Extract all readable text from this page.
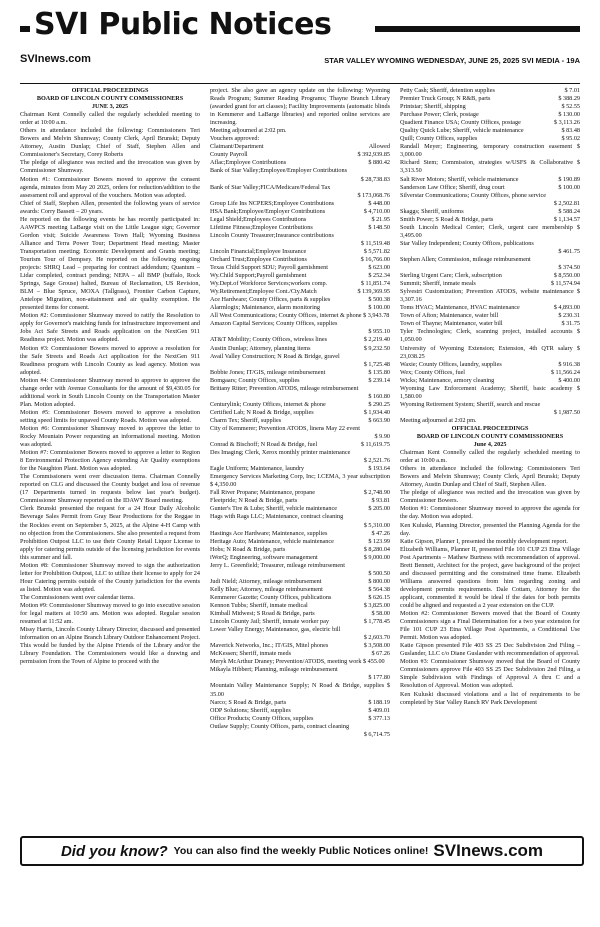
SVI Public Notices
SVInews.com	STAR VALLEY WYOMING WEDNESDAY, JUNE 25, 2025 SVI MEDIA - 19A

OFFICIAL PROCEEDINGS

BOARD OF LINCOLN COUNTY COMMISSIONERS

JUNE 3, 2025

Chairman Kent Connelly called the regularly scheduled meeting to order at 10:00 a.m.

Others in attendance included the following: Commissioners Teri Bowers and Melvin Shumway; County Clerk, April Brunski; Deputy Attorney, Austin Dunlap; Chief of Staff, Stephen Allen and Commissioner's Secretary, Corey Roberts

The pledge of allegiance was recited and the invocation was given by Commissioner Shumway.

Motion #1: Commissioner Bowers moved to approve the consent agenda, minutes from May 20 2025, orders for reduction/addition to the assessment roll and approval of the vouchers. Motion was adopted.

Chief of Staff, Stephen Allen, presented the following years of service awards: Corry Bassett – 20 years.

He reported on the following events he has recently participated in: AAWPCS meeting LaBarge visit on the Little League sign; Governor Gordon visit; Suicide Awareness Town Hall; Wyoming Business Alliance and Terra Power Tour; Department Head meeting; Master Transportation meeting; Economic Development and Grants meeting; Tourism Tour of Dempsey. He reported on the following ongoing projects: SHRQ Lead – preparing for contract addendum; Quantum – Lidar completed, contract pending; NEPA – all BMP (buffalo, Rock Springs, Sage Grouse) halted, Bureau of Reclamation, US Revision, BLM – Blue Spruce, MOXA (Tallgrass), Frontier Carbon Capture, Antelope Migration, non-attainment and air quality exemption. He presented items for consent.

Motion #2: Commissioner Shumway moved to ratify the Resolution to apply for Governor's matching funds for infrastructure improvement and Jobs Act Safe Streets and Roads application on the NextGen 911 Readiness project. Motion was adopted.

Motion #3: Commissioner Bowers moved to approve a resolution for the Safe Streets and Roads Act application for the NextGen 911 Readiness program with Lincoln County as lead agency. Motion was adopted.

Motion #4: Commissioner Shumway moved to approve to approve the change order with Avenue Consultants for the amount of $9,430.05 for additional work in South Lincoln County on the Transportation Master Plan. Motion adopted.

Motion #5: Commissioner Bowers moved to approve a resolution setting speed limits for unpaved County Roads. Motion was adopted.

Motion #6: Commissioner Shumway moved to approve the letter to Rocky Mountain Power requesting an informational meeting. Motion was adopted.

Motion #7: Commissioner Bowers moved to approve a letter to Region 8 Environmental Protection Agency extending Air Quality exemptions for the Naughton Plant. Motion was adopted.

The Commissioners went over discussion items. Chairman Connelly reported on CLG and discussed the County budget and loss of revenue (17 Departments turned in requests below last year's budget). Commissioner Shumway reported on the IDAWY Board meeting.

Clerk Brunski presented the request for a 24 Hour Daily Alcoholic Beverage Sales Permit from Gray Bear Productions for the Reggae in the Rockies event on September 5, 2025, at the Alpine 4-H Camp with no objection from the Commissioners. She also presented a request from Prohibition Outpost LLC to use their County Retail Liquor License to apply for catering permits outside of the licensing jurisdiction for events this summer and fall.

Motion #8: Commissioner Shumway moved to sign the authorization letter for Prohibition Outpost, LLC to utilize their license to apply for 24 Hour Catering permits outside of the County jurisdiction for the events as listed. Motion was adopted.

The Commissioners went over calendar items.

Motion #9: Commissioner Shumway moved to go into executive session for legal matters at 10:50 am. Motion was adopted. Regular session resumed at 11:52 am.

Missy Harris, Lincoln County Library Director, discussed and presented information on an Alpine Branch Library Outdoor Enhancement Project. This would be funded by the Alpine Friends of the Library and/or the Library Foundation. The Commissioners would like a drawing and permission from the Town of Alpine to proceed with the

project. She also gave an agency update on the following: Wyoming Reads Program; Summer Reading Programs; Thayne Branch Library (awarded grant for art classes); Facility Improvements (automatic blinds in Kemmerer and LaBarge libraries) and reported online services are increasing.

Meeting adjourned at 2:02 pm.

Vouchers approved:

Claimant/Department	Allowed
County Payroll	$ 392,939.85
Aflac;Employee Contributions	$ 880.42
Bank of Star Valley;Employee/Employer Contributions
$ 28,738.83
Bank of Star Valley;FICA/Medicare/Federal Tax
$ 173,068.76
Group Life Ins NCPERS;Employee Contributions	$ 448.00
HSA Bank;Employee/Employer Contributions	$ 4,710.00
Legal Shield;Employees Contributions	$ 21.95
Lifetime Fitness;Employee Contributions	$ 148.50
Lincoln County Treasurer;Insurance contributions
$ 11,519.48
Lincoln Financial;Employee Insurance	$ 5,571.82
Orchard Trust;Employee Contributions	$ 16,766.00
Texas Child Support SDU; Payroll garnishment	$ 623.00
Wy.Child Support;Payroll garnishment	$ 252.34
Wy.Dept.of Workforce Services;workers comp.	$ 11,851.74
Wy.Retirement;Employee Cont./Cty.Match	$ 139,369.95
Ace Hardware; County Offices, parts & supplies	$ 500.38
Alarmlogix; Maintenance, alarm monitoring	$ 100.00

All West Communications; County Offices, internet & phone $ 3,943.78

Amazon Capital Services; County Offices, supplies
$ 955.10
AT&T Mobility; County Offices, wireless lines	$ 2,219.40
Austin Dunlap; Attorney, planning items	$ 9,232.50
Avail Valley Construction; N Road & Bridge, gravel
$ 1,725.48
Bobbie Jones; IT/GIS, mileage reimbursement	$ 135.80
Bomgaars; County Offices, supplies	$ 239.14

Brittany Ritter; Prevention ATODS, mileage reimbursement

$ 160.80
Centurylink; County Offices, internet & phone	$ 290.25
Certified Lab; N Road & Bridge, supplies	$ 1,934.40
Charm Tex; Sheriff, supplies	$ 663.90

City of Kemmerer; Prevention ATODS, linens May 22 event

$ 9.90
Conrad & Bischoff; N Road & Bridge, fuel	$ 11,619.75
Des Imaging; Clerk, Xerox monthly printer maintenance
$ 2,521.76
Eagle Uniform; Maintenance, laundry	$ 193.64

Emergency Services Marketing Corp, Inc; I.CEMA, 3 year subscription $ 4,350.00

Fall River Propane; Maintenance, propane	$ 2,748.90
Fleetpride; N Road & Bridge, parts	$ 93.81
Gunter's Tire & Lube; Sheriff, vehicle maintenance	$ 205.00
Hags with Rags LLC; Maintenance, contract cleaning
$ 5,310.00
Hastings Ace Hardware; Maintenance, supplies	$ 47.26
Heritage Auto; Maintenance, vehicle maintenance	$ 123.99
Hobs; N Road & Bridge, parts	$ 8,280.04
iWorQ; Engineering, software management	$ 9,000.00
Jerry L. Greenfield; Treasurer, mileage reimbursement
$ 500.50
Judi Nield; Attorney, mileage reimbursement	$ 800.00
Kelly Blue; Attorney, mileage reimbursement	$ 564.38
Kemmerer Gazette; County Offices, publications	$ 626.15
Kennon Tubbs; Sheriff, inmate medical	$ 3,825.00
Kimball Midwest; S Road & Bridge, parts	$ 58.00
Lincoln County Jail; Sheriff, inmate worker pay	$ 1,778.45
Lower Valley Energy; Maintenance, gas, electric bill
$ 2,603.70
Maverick Networks, Inc.; IT/GIS, Mitel phones	$ 3,508.00
McKessen; Sheriff, inmate meds	$ 67.26

Meryk McArthur Draney; Prevention/ATODS, meeting work $ 455.00

Mikayla Hibbert; Planning, mileage reimbursement
$ 177.80

Mountain Valley Maintenance Supply; N Road & Bridge, supplies $ 35.00

Narco; S Road & Bridge, parts	$ 188.19
ODP Solutions; Sheriff, supplies	$ 409.01
Office Products; County Offices, supplies	$ 377.13
Outlaw Supply; County Offices, parts, contract cleaning
$ 6,714.75
Petty Cash; Sheriff, detention supplies	$ 7.01
Premier Truck Group; N R&B, parts	$ 388.29
Printstar; Sheriff, shipping	$ 52.55
Purchase Power; Clerk, postage	$ 130.00
Quadient Finance USA; County Offices, postage	$ 3,113.26
Quality Quick Lube; Sheriff, vehicle maintenance	$ 83.48
Quill; County Offices, supplies	$ 95.02

Randall Meyer; Engineering, temporary construction easement $ 3,000.00

Richard Stem; Commission, strategies w/USFS & Collaborative $ 3,313.50

Salt River Motors; Sheriff, vehicle maintenance	$ 190.89
Sanderson Law Office; Sheriff, drug court	$ 100.00
Silverstar Communications; County Offices, phone service
$ 2,502.81
Skaggs; Sheriff, uniforms	$ 588.24
Smith Power; S Road & Bridge, parts	$ 1,134.57

South Lincoln Medical Center; Clerk, urgent care membership $ 3,495.00

Star Valley Independent; County Offices, publications
$ 461.75
Stephen Allen; Commission, mileage reimbursement
$ 374.50
Sterling Urgent Care; Clerk, subscription	$ 8,550.00
Summit; Sheriff, inmate meals	$ 11,574.94

Sylvestri Customization; Prevention ATODS, website maintenance $ 3,307.16

Toms HVAC; Maintenance, HVAC maintenance	$ 4,893.00
Town of Afton; Maintenance, water bill	$ 230.31
Town of Thayne; Maintenance, water bill	$ 31.75

Tyler Technologies; Clerk, scanning project, installed accounts $ 1,050.00

University of Wyoming Extension; Extension, 4th QTR salary $ 23,038.25

Waxie; County Offices, laundry, supplies	$ 916.38
Wex; County Offices, fuel	$ 11,566.24
Wicks; Maintenance, armory cleaning	$ 400.00

Wyoming Law Enforcement Academy; Sheriff, basic academy $ 1,580.00

Wyoming Retirement System; Sheriff, search and rescue
$ 1,987.50

Meeting adjourned at 2:02 pm.

OFFICIAL PROCEEDINGS

BOARD OF LINCOLN COUNTY COMMISSIONERS

June 4, 2025

Chairman Kent Connelly called the regularly scheduled meeting to order at 10:00 a.m.

Others in attendance included the following: Commissioners Teri Bowers and Melvin Shumway; County Clerk, April Brunski; Deputy Attorney, Austin Dunlap and Chief of Staff, Stephen Allen.

The pledge of allegiance was recited and the invocation was given by Commissioner Bowers.

Motion #1: Commissioner Shumway moved to approve the agenda for the day. Motion was adopted.

Ken Kuluski, Planning Director, presented the Planning Agenda for the day.

Katie Gipson, Planner I, presented the monthly development report.

Elizabeth Williams, Planner II, presented File 101 CUP 23 Etna Village Post Apartments – Mathew Burtness with recommendation of approval. Brett Bennett, Architect for the project, gave background of the project and discussed permitting and the constrained time frame. Elizabeth Williams answered questions from him regarding zoning and development permits requirements. Dale Cottam, Attorney for the applicant, commented it would be ideal if the dates for both permits could be aligned and requested a 2 year extension on the CUP.

Motion #2: Commissioner Bowers moved that the Board of County Commissioners sign a Final Determination for a two year extension for File 101 CUP 23 Etna Village Post Apartments, a Conditional Use Permit. Motion was adopted.

Katie Gipson presented File 403 SS 25 Dec Subdivision 2nd Filing – Guslander, LLC c/o Diane Guslander with recommendation of approval.

Motion #3: Commissioner Shumway moved that the Board of County Commissioners approve File 403 SS 25 Dec Subdivision 2nd Filing, a Simple Subdivision with Findings of Approval A thru C and a Resolution of Approval. Motion was adopted.

Ken Kuluski discussed violations and a list of requirements to be completed by Star Valley Ranch RV Park Development

Did you know? You can also find the weekly Public Notices online! SVInews.com
